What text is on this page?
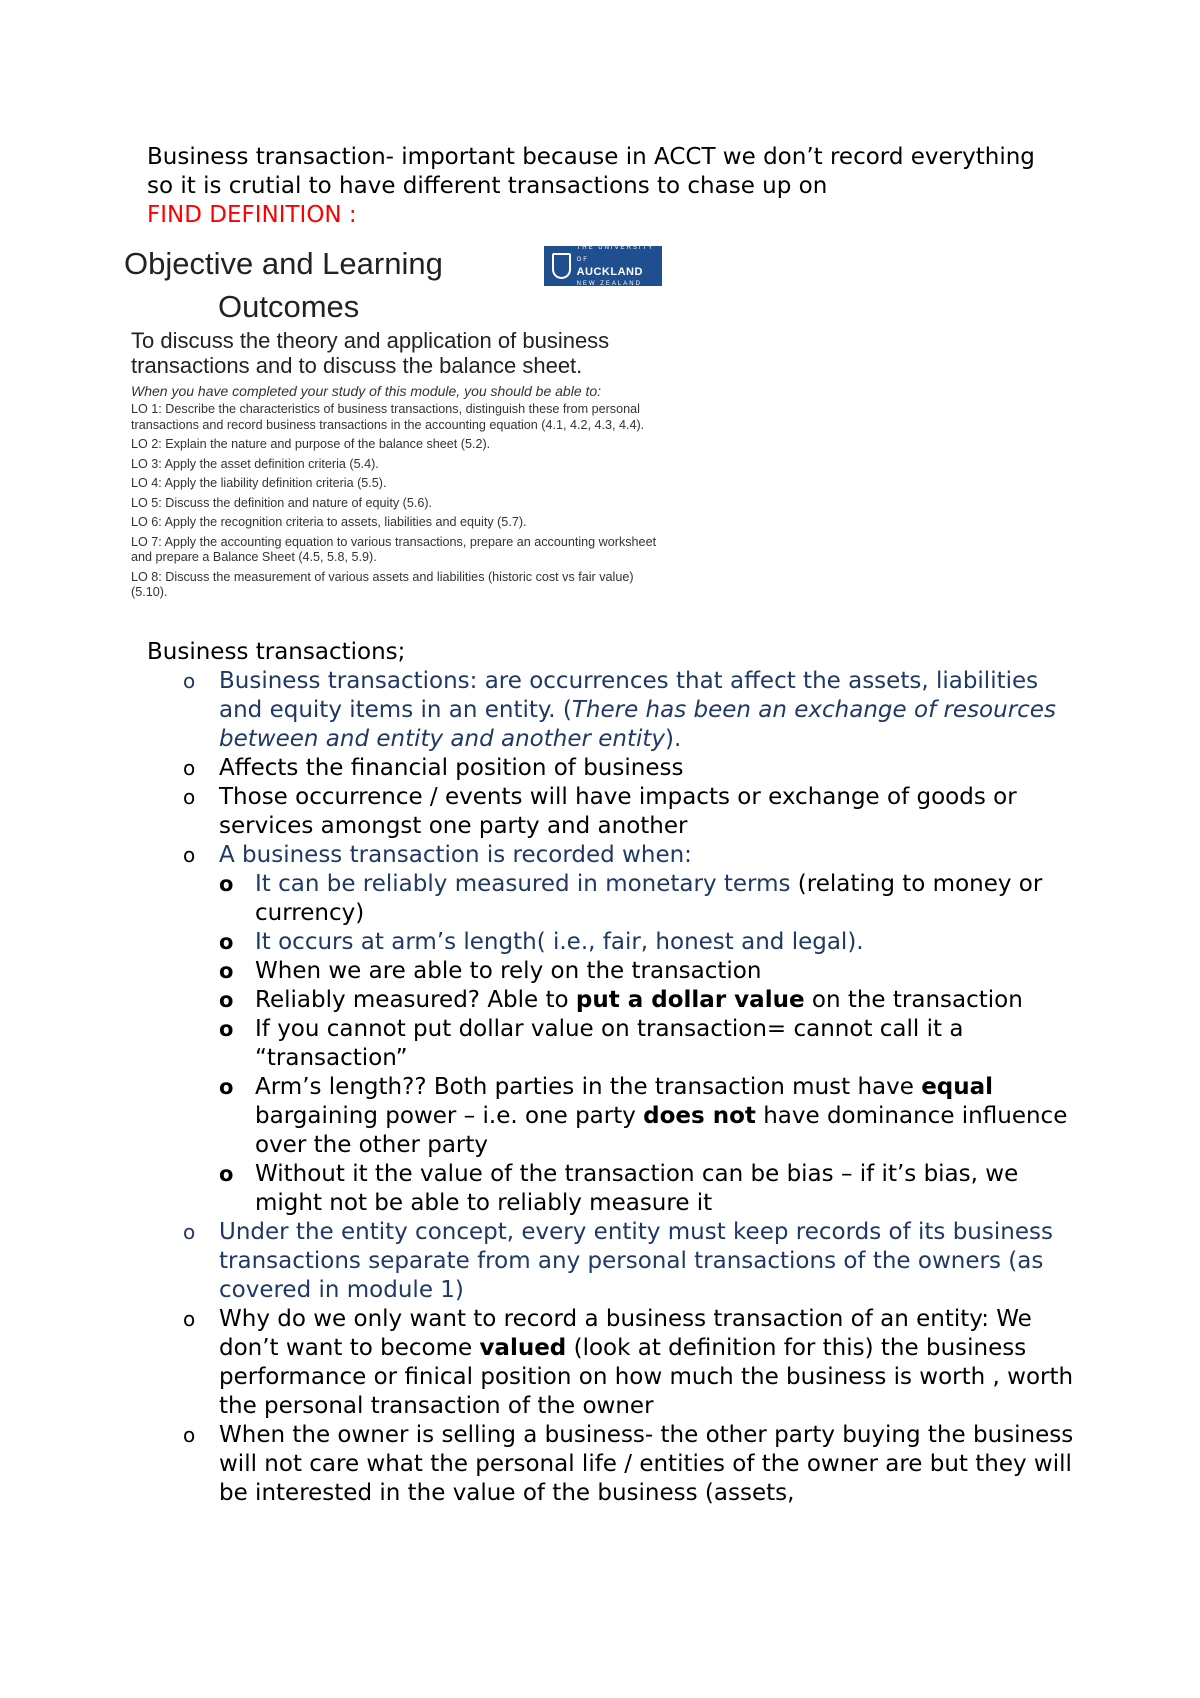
Business transaction- important because in ACCT we don’t record everything so it is crutial to have different transactions to chase up on

FIND DEFINITION :

Objective and Learning
Outcomes
THE UNIVERSITY OF
AUCKLAND
NEW ZEALAND
To discuss the theory and application of business transactions and to discuss the balance sheet.
When you have completed your study of this module, you should be able to:
LO 1: Describe the characteristics of business transactions, distinguish these from personal transactions and record business transactions in the accounting equation (4.1, 4.2, 4.3, 4.4).
LO 2: Explain the nature and purpose of the balance sheet (5.2).
LO 3: Apply the asset definition criteria (5.4).
LO 4: Apply the liability definition criteria (5.5).
LO 5: Discuss the definition and nature of equity (5.6).
LO 6: Apply the recognition criteria to assets, liabilities and equity (5.7).
LO 7: Apply the accounting equation to various transactions, prepare an accounting worksheet and prepare a Balance Sheet (4.5, 5.8, 5.9).
LO 8: Discuss the measurement of various assets and liabilities (historic cost vs fair value) (5.10).

Business transactions;

o Business transactions: are occurrences that affect the assets, liabilities and equity items in an entity. (There has been an exchange of resources between and entity and another entity).
o Affects the financial position of business
o Those occurrence / events will have impacts or exchange of goods or services amongst one party and another
o A business transaction is recorded when:
o It can be reliably measured in monetary terms (relating to money or currency)
o It occurs at arm’s length( i.e., fair, honest and legal).
o When we are able to rely on the transaction
o Reliably measured? Able to put a dollar value on the transaction
o If you cannot put dollar value on transaction= cannot call it a “transaction”
o Arm’s length?? Both parties in the transaction must have equal bargaining power – i.e. one party does not have dominance influence over the other party
o Without it the value of the transaction can be bias – if it’s bias, we might not be able to reliably measure it
o Under the entity concept, every entity must keep records of its business transactions separate from any personal transactions of the owners (as covered in module 1)
o Why do we only want to record a business transaction of an entity: We don’t want to become valued (look at definition for this) the business performance or finical position on how much the business is worth , worth the personal transaction of the owner
o When the owner is selling a business- the other party buying the business will not care what the personal life / entities of the owner are but they will be interested in the value of the business (assets,
